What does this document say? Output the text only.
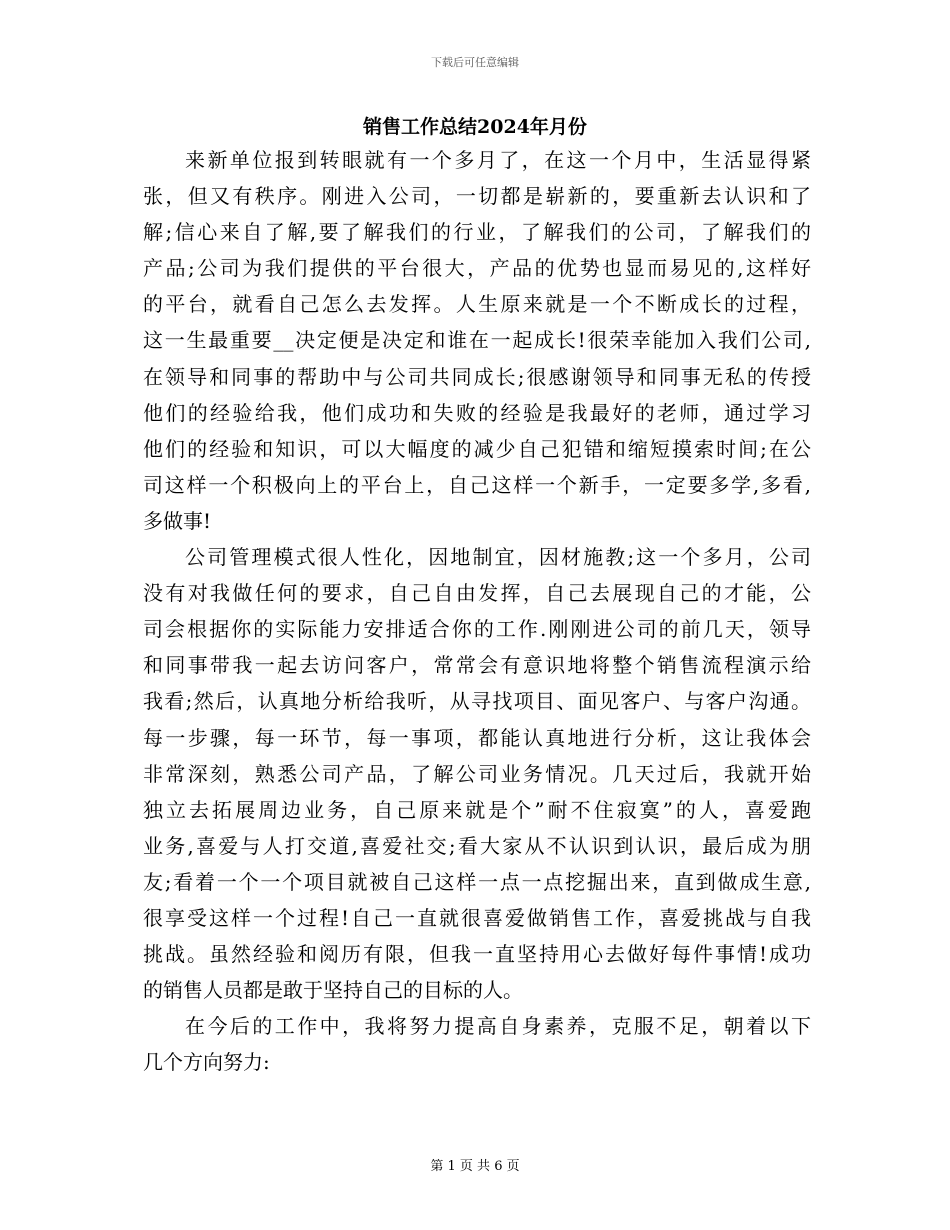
下载后可任意编辑
销售工作总结2024年月份

来新单位报到转眼就有一个多月了，在这一个月中，生活显得紧
张，但又有秩序。刚进入公司，一切都是崭新的，要重新去认识和了
解;信心来自了解,要了解我们的行业，了解我们的公司，了解我们的
产品;公司为我们提供的平台很大，产品的优势也显而易见的,这样好
的平台，就看自己怎么去发挥。人生原来就是一个不断成长的过程，
这一生最重要__决定便是决定和谁在一起成长!很荣幸能加入我们公司,
在领导和同事的帮助中与公司共同成长;很感谢领导和同事无私的传授
他们的经验给我，他们成功和失败的经验是我最好的老师，通过学习
他们的经验和知识，可以大幅度的减少自己犯错和缩短摸索时间;在公
司这样一个积极向上的平台上，自己这样一个新手，一定要多学,多看,
多做事!

公司管理模式很人性化，因地制宜，因材施教;这一个多月，公司
没有对我做任何的要求，自己自由发挥，自己去展现自己的才能，公
司会根据你的实际能力安排适合你的工作.刚刚进公司的前几天，领导
和同事带我一起去访问客户，常常会有意识地将整个销售流程演示给
我看;然后，认真地分析给我听，从寻找项目、面见客户、与客户沟通。
每一步骤，每一环节，每一事项，都能认真地进行分析，这让我体会
非常深刻，熟悉公司产品，了解公司业务情况。几天过后，我就开始
独立去拓展周边业务，自己原来就是个”耐不住寂寞”的人，喜爱跑
业务,喜爱与人打交道,喜爱社交;看大家从不认识到认识，最后成为朋
友;看着一个一个项目就被自己这样一点一点挖掘出来，直到做成生意,
很享受这样一个过程!自己一直就很喜爱做销售工作，喜爱挑战与自我
挑战。虽然经验和阅历有限，但我一直坚持用心去做好每件事情!成功
的销售人员都是敢于坚持自己的目标的人。

在今后的工作中，我将努力提高自身素养，克服不足，朝着以下
几个方向努力:

第 1 页 共 6 页
